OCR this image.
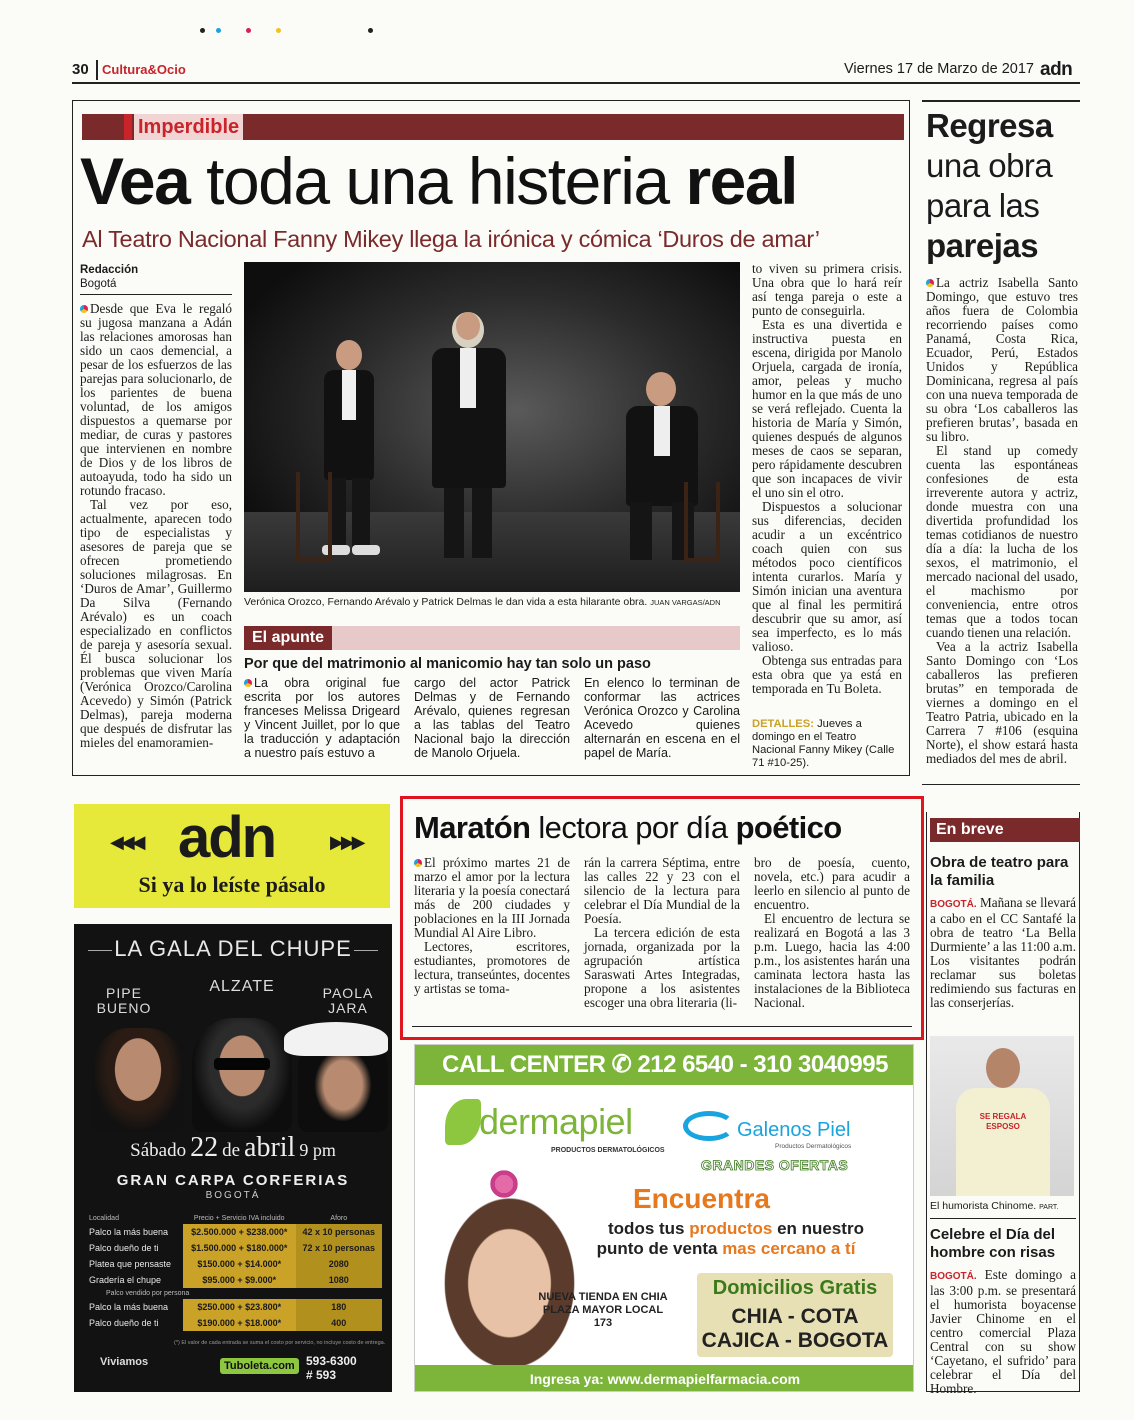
30 Cultura&Ocio	Viernes 17 de Marzo de 2017 adn
Imperdible
Vea toda una histeria real
Al Teatro Nacional Fanny Mikey llega la irónica y cómica ‘Duros de amar’
Redacción
Bogotá

Desde que Eva le regaló su jugosa manzana a Adán las relaciones amorosas han sido un caos demencial, a pesar de los esfuerzos de las parejas para solucionarlo, de los parientes de buena voluntad, de los amigos dispuestos a quemarse por mediar, de curas y pastores que intervienen en nombre de Dios y de los libros de autoayuda, todo ha sido un rotundo fracaso.

Tal vez por eso, actualmente, aparecen todo tipo de especialistas y asesores de pareja que se ofrecen prometiendo soluciones milagrosas. En ‘Duros de Amar’, Guillermo Da Silva (Fernando Arévalo) es un coach especializado en conflictos de pareja y asesoría sexual. Él busca solucionar los problemas que viven María (Verónica Orozco/Carolina Acevedo) y Simón (Patrick Delmas), pareja moderna que después de disfrutar las mieles del enamoramien-

Verónica Orozco, Fernando Arévalo y Patrick Delmas le dan vida a esta hilarante obra. JUAN VARGAS/ADN

to viven su primera crisis. Una obra que lo hará reír así tenga pareja o este a punto de conseguirla.

Esta es una divertida e instructiva puesta en escena, dirigida por Manolo Orjuela, cargada de ironía, amor, peleas y mucho humor en la que más de uno se verá reflejado. Cuenta la historia de María y Simón, quienes después de algunos meses de caos se separan, pero rápidamente descubren que son incapaces de vivir el uno sin el otro.

Dispuestos a solucionar sus diferencias, deciden acudir a un excéntrico coach quien con sus métodos poco científicos intenta curarlos. María y Simón inician una aventura que al final les permitirá descubrir que su amor, así sea imperfecto, es lo más valioso.

Obtenga sus entradas para esta obra que ya está en temporada en Tu Boleta.

DETALLES: Jueves a domingo en el Teatro Nacional Fanny Mikey (Calle 71 #10-25).
El apunte
Por que del matrimonio al manicomio hay tan solo un paso
La obra original fue escrita por los autores franceses Melissa Drigeard y Vincent Juillet, por lo que la traducción y adaptación a nuestro país estuvo a
cargo del actor Patrick Delmas y de Fernando Arévalo, quienes regresan a las tablas del Teatro Nacional bajo la dirección de Manolo Orjuela.
En elenco lo terminan de conformar las actrices Verónica Orozco y Carolina Acevedo quienes alternarán en escena en el papel de María.
Regresa
una obra
para las
parejas

La actriz Isabella Santo Domingo, que estuvo tres años fuera de Colombia recorriendo países como Panamá, Costa Rica, Ecuador, Perú, Estados Unidos y República Dominicana, regresa al país con una nueva temporada de su obra ‘Los caballeros las prefieren brutas’, basada en su libro.

El stand up comedy cuenta las espontáneas confesiones de esta irreverente autora y actriz, donde muestra con una divertida profundidad los temas cotidianos de nuestro día a día: la lucha de los sexos, el matrimonio, el mercado nacional del usado, el machismo por conveniencia, entre otros temas que a todos tocan cuando tienen una relación.

Vea a la actriz Isabella Santo Domingo con ‘Los caballeros las prefieren brutas” en temporada de viernes a domingo en el Teatro Patria, ubicado en la Carrera 7 #106 (esquina Norte), el show estará hasta mediados del mes de abril.

◀◀◀ adn	▶▶▶
Si ya lo leíste pásalo
LA GALA DEL CHUPE
PIPE BUENO
ALZATE	PAOLA JARA
Sábado 22 de abril 9 pm
GRAN CARPA CORFERIAS
BOGOTÁ
Localidad	Precio + Servicio IVA incluido	Aforo
Palco la más buena	$2.500.000 + $238.000*	42 x 10 personas
Palco dueño de ti	$1.500.000 + $180.000*	72 x 10 personas
Platea que pensaste	$150.000 + $14.000*	2080
Gradería el chupe	$95.000 + $9.000*	1080
Palco vendido por persona		
Palco la más buena	$250.000 + $23.800*	180
Palco dueño de ti	$190.000 + $18.000*	400
(*) El valor de cada entrada se suma el costo por servicio, no incluye costo de entrega.
Viviamos	Tuboleta.com 593-6300
# 593
Maratón lectora por día poético

El próximo martes 21 de marzo el amor por la lectura literaria y la poesía conectará más de 200 ciudades y poblaciones en la III Jornada Mundial Al Aire Libro.

Lectores, escritores, estudiantes, promotores de lectura, transeúntes, docentes y artistas se toma-

rán la carrera Séptima, entre las calles 22 y 23 con el silencio de la lectura para celebrar el Día Mundial de la Poesía.

La tercera edición de esta jornada, organizada por la agrupación artística Saraswati Artes Integradas, propone a los asistentes escoger una obra literaria (li-

bro de poesía, cuento, novela, etc.) para acudir a leerlo en silencio al punto de encuentro.

El encuentro de lectura se realizará en Bogotá a las 3 p.m. Luego, hacia las 4:00 p.m., los asistentes harán una caminata lectora hasta las instalaciones de la Biblioteca Nacional.

En breve
Obra de teatro para la familia
BOGOTÁ. Mañana se llevará a cabo en el CC Santafé la obra de teatro ‘La Bella Durmiente’ a las 11:00 a.m. Los visitantes podrán reclamar sus boletas redimiendo sus facturas en las conserjerías.
SE REGALA ESPOSO
El humorista Chinome. PART.
Celebre el Día del hombre con risas
BOGOTÁ. Este domingo a las 3:00 p.m. se presentará el humorista boyacense Javier Chinome en el centro comercial Plaza Central con su show ‘Cayetano, el sufrido’ para celebrar el Día del Hombre.
CALL CENTER ✆ 212 6540 - 310 3040995
dermapiel
PRODUCTOS DERMATOLÓGICOS
Galenos Piel
Productos Dermatológicos
GRANDES OFERTAS
Encuentra
todos tus productos en nuestro
punto de venta mas cercano a tí
NUEVA TIENDA EN CHIA PLAZA MAYOR LOCAL 173
Domicilios Gratis
CHIA - COTA
CAJICA - BOGOTA
Ingresa ya: www.dermapielfarmacia.com
